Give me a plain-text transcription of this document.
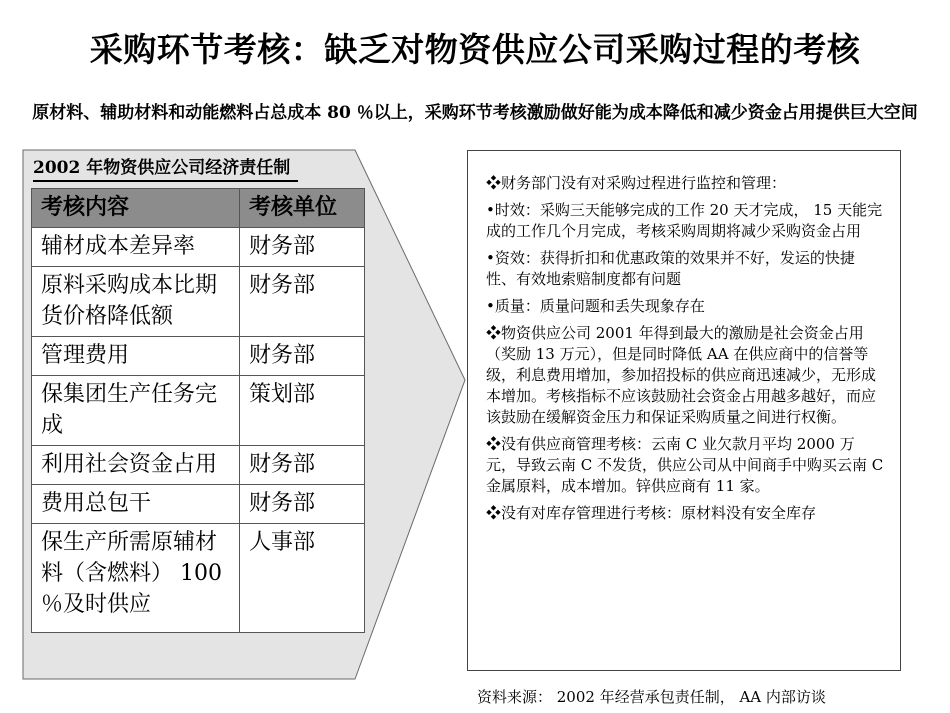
采购环节考核：缺乏对物资供应公司采购过程的考核
原材料、辅助材料和动能燃料占总成本 80 ％以上，采购环节考核激励做好能为成本降低和减少资金占用提供巨大空间
2002 年物资供应公司经济责任制
考核内容	考核单位
辅材成本差异率	财务部
原料采购成本比期货价格降低额	财务部
管理费用	财务部
保集团生产任务完成	策划部
利用社会资金占用	财务部
费用总包干	财务部
保生产所需原辅材料（含燃料） 100 ％及时供应	人事部

❖财务部门没有对采购过程进行监控和管理：

•时效：采购三天能够完成的工作 20 天才完成， 15 天能完成的工作几个月完成，考核采购周期将减少采购资金占用

•资效：获得折扣和优惠政策的效果并不好，发运的快捷性、有效地索赔制度都有问题

•质量：质量问题和丢失现象存在

❖物资供应公司 2001 年得到最大的激励是社会资金占用（奖励 13 万元），但是同时降低 AA 在供应商中的信誉等级，利息费用增加，参加招投标的供应商迅速减少，无形成本增加。考核指标不应该鼓励社会资金占用越多越好，而应该鼓励在缓解资金压力和保证采购质量之间进行权衡。

❖没有供应商管理考核：云南 C 业欠款月平均 2000 万元，导致云南 C 不发货，供应公司从中间商手中购买云南 C 金属原料，成本增加。锌供应商有 11 家。

❖没有对库存管理进行考核：原材料没有安全库存

资料来源： 2002 年经营承包责任制， AA 内部访谈
